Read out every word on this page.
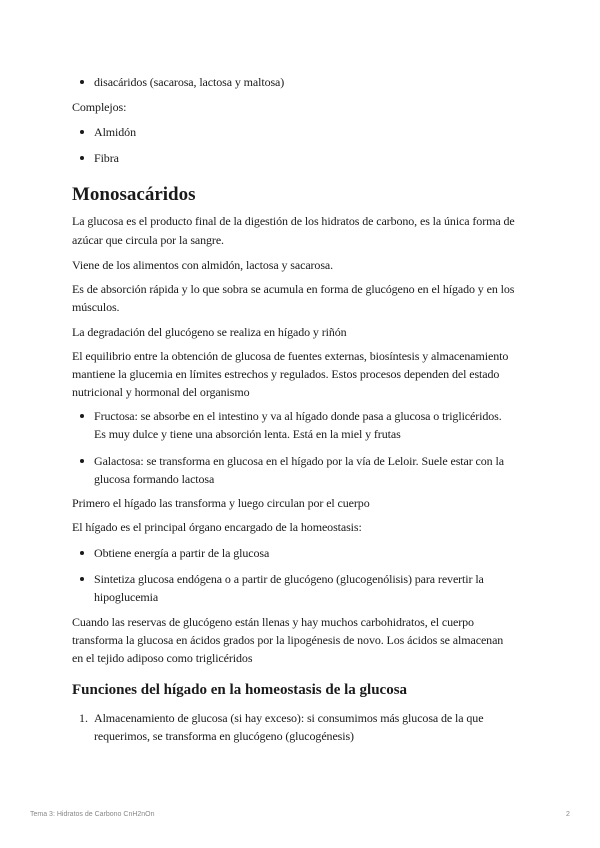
disacáridos (sacarosa, lactosa y maltosa)
Complejos:
Almidón
Fibra
Monosacáridos
La glucosa es el producto final de la digestión de los hidratos de carbono, es la única forma de
azúcar que circula por la sangre.
Viene de los alimentos con almidón, lactosa y sacarosa.
Es de absorción rápida y lo que sobra se acumula en forma de glucógeno en el hígado y en los
músculos.
La degradación del glucógeno se realiza en hígado y riñón
El equilibrio entre la obtención de glucosa de fuentes externas, biosíntesis y almacenamiento
mantiene la glucemia en límites estrechos y regulados. Estos procesos dependen del estado
nutricional y hormonal del organismo
Fructosa: se absorbe en el intestino y va al hígado donde pasa a glucosa o triglicéridos.
Es muy dulce y tiene una absorción lenta. Está en la miel y frutas
Galactosa: se transforma en glucosa en el hígado por la vía de Leloir. Suele estar con la
glucosa formando lactosa
Primero el hígado las transforma y luego circulan por el cuerpo
El hígado es el principal órgano encargado de la homeostasis:
Obtiene energía a partir de la glucosa
Sintetiza glucosa endógena o a partir de glucógeno (glucogenólisis) para revertir la
hipoglucemia
Cuando las reservas de glucógeno están llenas y hay muchos carbohidratos, el cuerpo
transforma la glucosa en ácidos grados por la lipogénesis de novo. Los ácidos se almacenan
en el tejido adiposo como triglicéridos
Funciones del hígado en la homeostasis de la glucosa
1. Almacenamiento de glucosa (si hay exceso): si consumimos más glucosa de la que
requerimos, se transforma en glucógeno (glucogénesis)
Tema 3: Hidratos de Carbono CnH2nOn	2
